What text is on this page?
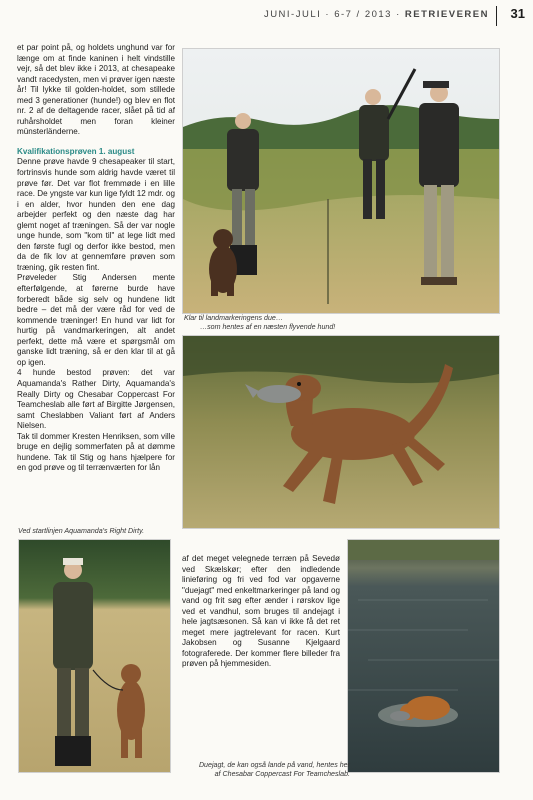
JUNI-JULI · 6-7 / 2013 · RETRIEVEREN 31

et par point på, og holdets unghund var for længe om at finde kaninen i helt vindstille vejr, så det blev ikke i 2013, at chesapeake vandt racedysten, men vi prøver igen næste år! Til lykke til golden-holdet, som stillede med 3 generationer (hunde!) og blev en flot nr. 2 af de deltagende racer, slået på tid af ruhårsholdet men foran kleiner münsterländerne.

Kvalifikationsprøven 1. august

Denne prøve havde 9 chesapeaker til start, fortrinsvis hunde som aldrig havde været til prøve før. Det var flot fremmøde i en lille race. De yngste var kun lige fyldt 12 mdr. og i en alder, hvor hunden den ene dag arbejder perfekt og den næste dag har glemt noget af træningen. Så der var nogle unge hunde, som "kom til" at lege lidt med den første fugl og derfor ikke bestod, men da de fik lov at gennemføre prøven som træning, gik resten fint.

Prøveleder Stig Andersen mente efterfølgende, at førerne burde have forberedt både sig selv og hundene lidt bedre – det må der være råd for ved de kommende træninger! En hund var lidt for hurtig på vandmarkeringen, alt andet perfekt, dette må være et spørgsmål om ganske lidt træning, så er den klar til at gå op igen.

4 hunde bestod prøven: det var Aquamanda's Rather Dirty, Aquamanda's Really Dirty og Chesabar Coppercast For Teamcheslab alle ført af Birgitte Jørgensen, samt Cheslabben Valiant ført af Anders Nielsen.

Tak til dommer Kresten Henriksen, som ville bruge en dejlig sommerfaten på at dømme hundene. Tak til Stig og hans hjælpere for en god prøve og til terrænværten for lån

af det meget velegnede terræn på Sevedø ved Skælskør; efter den indledende linieføring og fri ved fod var opgaverne "duejagt" med enkeltmarkeringer på land og vand og frit søg efter ænder i rørskov lige ved et vandhul, som bruges til andejagt i hele jagtsæsonen. Så kan vi ikke få det ret meget mere jagtrelevant for racen. Kurt Jakobsen og Susanne Kjelgaard fotograferede. Der kommer flere billeder fra prøven på hjemmesiden.

Klar til landmarkeringens due…
…som hentes af en næsten flyvende hund!
Ved startlinjen Aquamanda's Right Dirty.
Duejagt, de kan også lande på vand, hentes her
af Chesabar Coppercast For Teamcheslab.
